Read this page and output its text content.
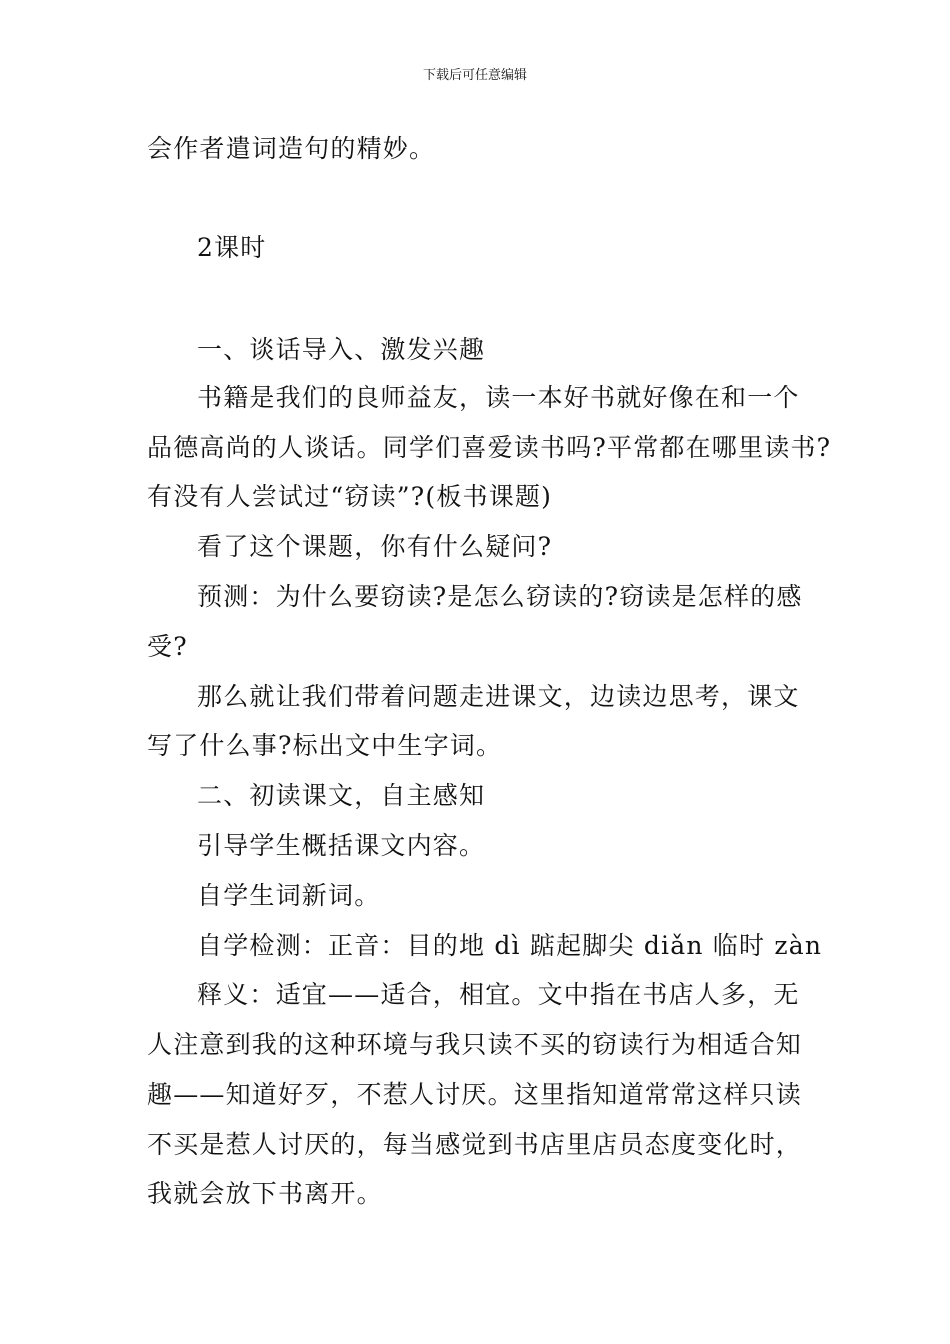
下载后可任意编辑
会作者遣词造句的精妙。
2课时
一、谈话导入、激发兴趣
书籍是我们的良师益友，读一本好书就好像在和一个
品德高尚的人谈话。同学们喜爱读书吗?平常都在哪里读书?
有没有人尝试过“窃读”?(板书课题)
看了这个课题，你有什么疑问?
预测：为什么要窃读?是怎么窃读的?窃读是怎样的感
受?
那么就让我们带着问题走进课文，边读边思考，课文
写了什么事?标出文中生字词。
二、初读课文，自主感知
引导学生概括课文内容。
自学生词新词。
自学检测：正音：目的地 dì 踮起脚尖 diǎn 临时 zàn
释义：适宜——适合，相宜。文中指在书店人多，无
人注意到我的这种环境与我只读不买的窃读行为相适合知
趣——知道好歹，不惹人讨厌。这里指知道常常这样只读
不买是惹人讨厌的，每当感觉到书店里店员态度变化时，
我就会放下书离开。
